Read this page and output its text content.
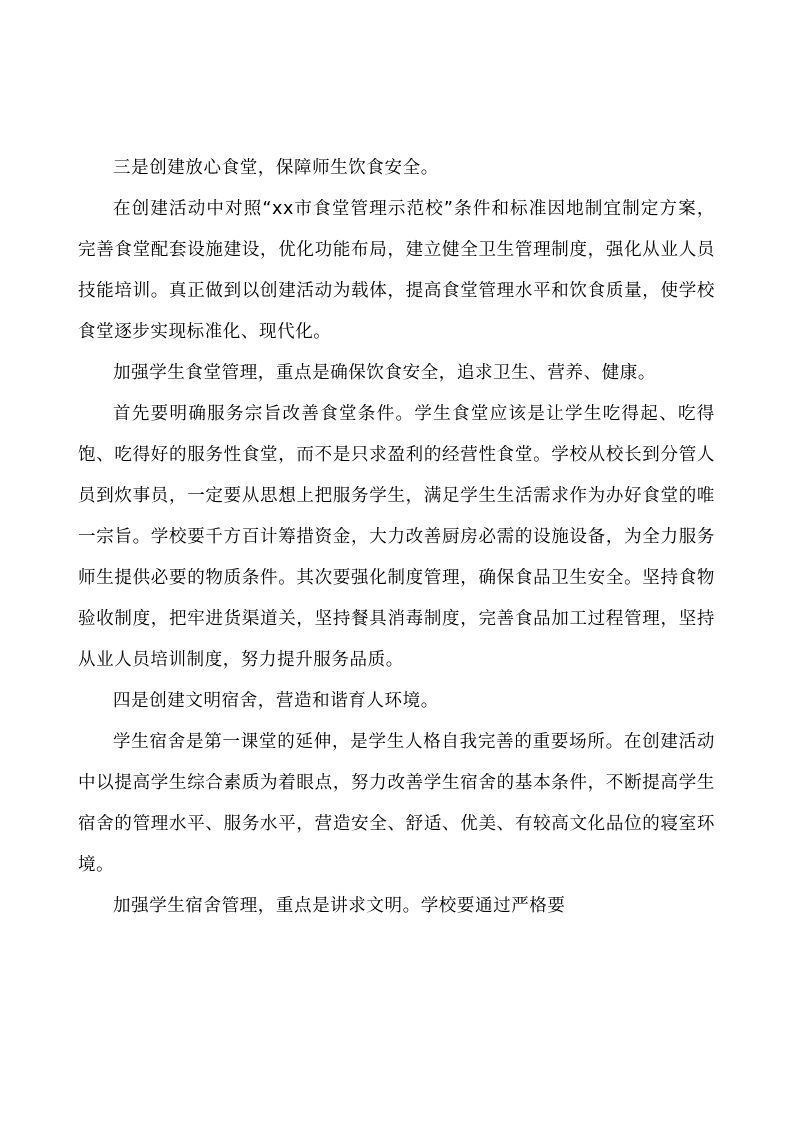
三是创建放心食堂，保障师生饮食安全。

在创建活动中对照“xx市食堂管理示范校”条件和标准因地制宜制定方案，完善食堂配套设施建设，优化功能布局，建立健全卫生管理制度，强化从业人员技能培训。真正做到以创建活动为载体，提高食堂管理水平和饮食质量，使学校食堂逐步实现标准化、现代化。

加强学生食堂管理，重点是确保饮食安全，追求卫生、营养、健康。

首先要明确服务宗旨改善食堂条件。学生食堂应该是让学生吃得起、吃得饱、吃得好的服务性食堂，而不是只求盈利的经营性食堂。学校从校长到分管人员到炊事员，一定要从思想上把服务学生，满足学生生活需求作为办好食堂的唯一宗旨。学校要千方百计筹措资金，大力改善厨房必需的设施设备，为全力服务师生提供必要的物质条件。其次要强化制度管理，确保食品卫生安全。坚持食物验收制度，把牢进货渠道关，坚持餐具消毒制度，完善食品加工过程管理，坚持从业人员培训制度，努力提升服务品质。

四是创建文明宿舍，营造和谐育人环境。

学生宿舍是第一课堂的延伸，是学生人格自我完善的重要场所。在创建活动中以提高学生综合素质为着眼点，努力改善学生宿舍的基本条件，不断提高学生宿舍的管理水平、服务水平，营造安全、舒适、优美、有较高文化品位的寝室环境。

加强学生宿舍管理，重点是讲求文明。学校要通过严格要
